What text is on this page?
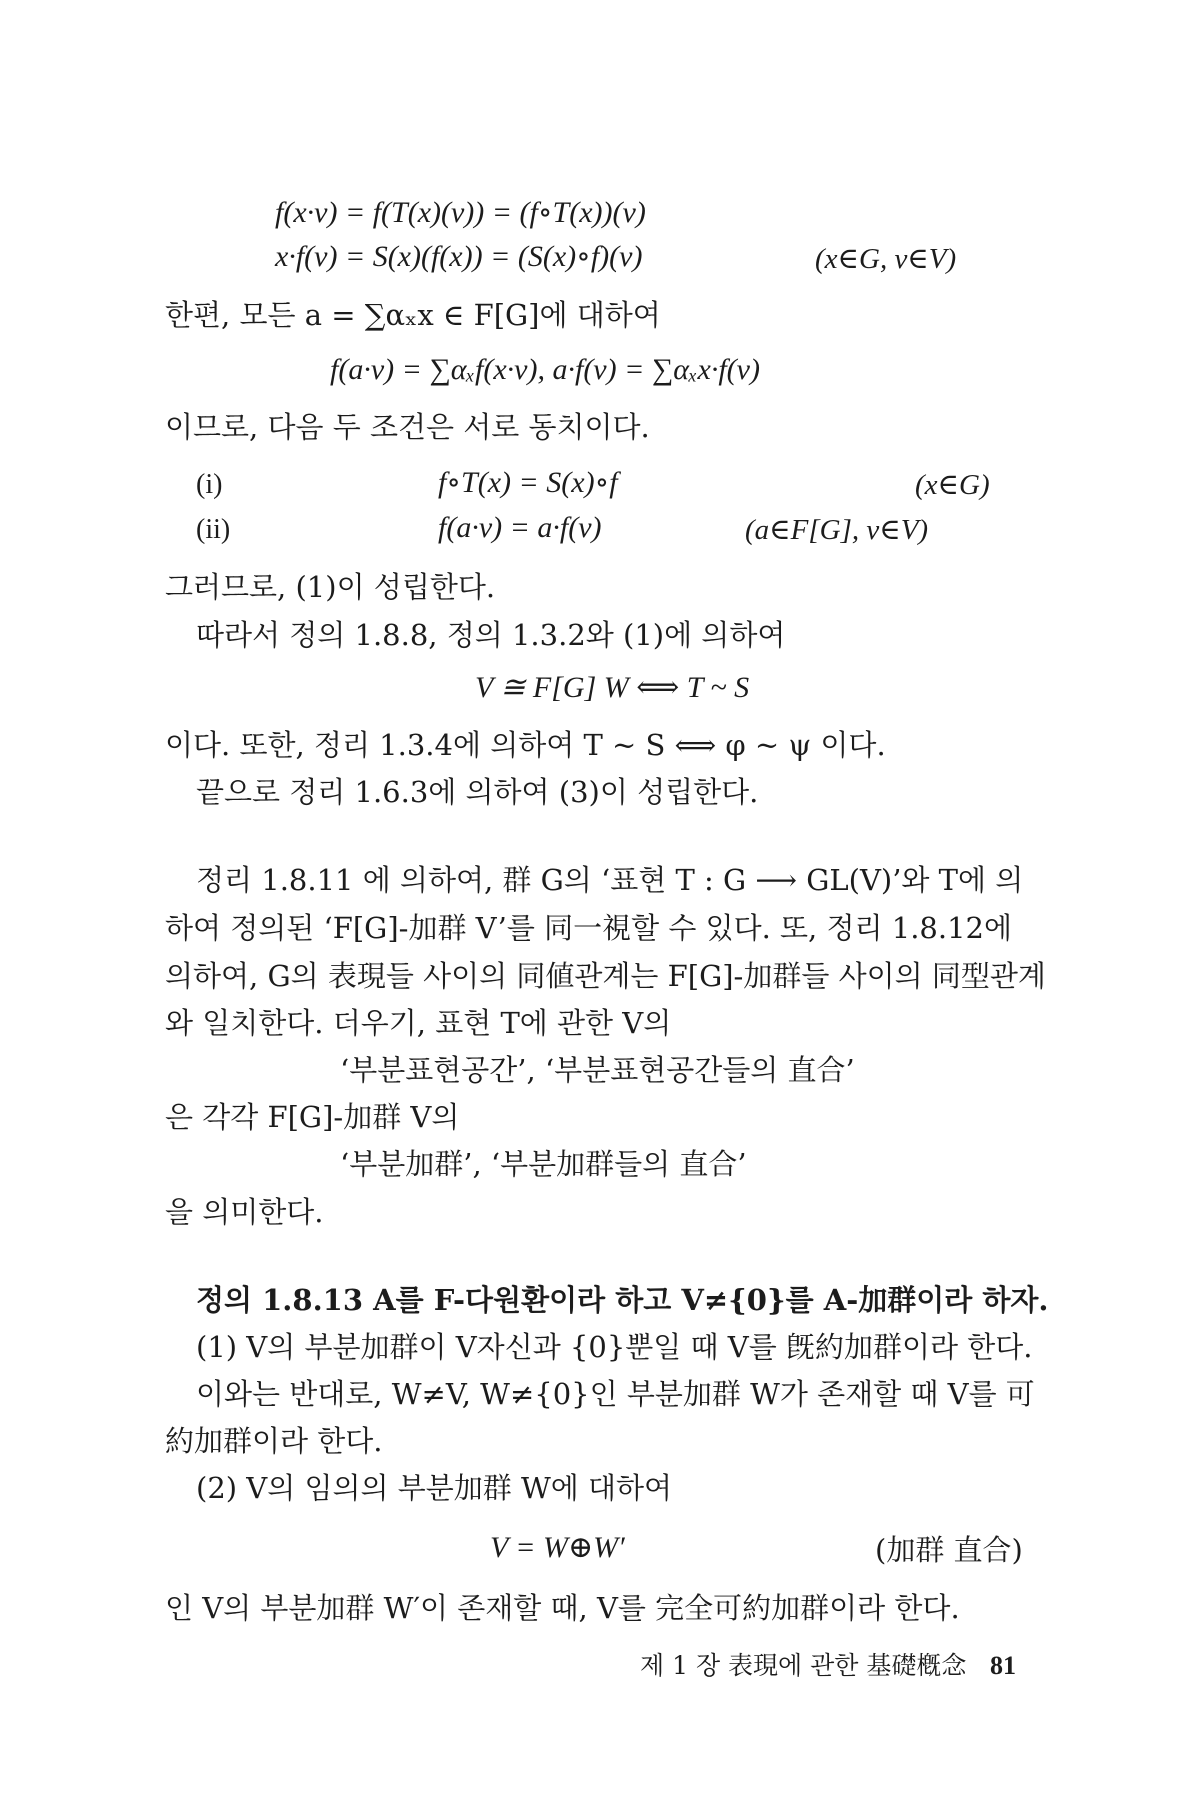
f(x·v) = f(T(x)(v)) = (f∘T(x))(v)
x·f(v) = S(x)(f(x)) = (S(x)∘f)(v)	(x∈G, v∈V)
한편, 모든 a = ∑αₓx ∈ F[G]에 대하여
f(a·v) = ∑αₓf(x·v), a·f(v) = ∑αₓx·f(v)
이므로, 다음 두 조건은 서로 동치이다.
(i)	f∘T(x) = S(x)∘f	(x∈G)
(ii)	f(a·v) = a·f(v)	(a∈F[G], v∈V)
그러므로, (1)이 성립한다.
따라서 정의 1.8.8, 정의 1.3.2와 (1)에 의하여
V ≅ F[G] W ⟺ T ~ S
이다. 또한, 정리 1.3.4에 의하여 T ~ S ⟺ φ ~ ψ 이다.
끝으로 정리 1.6.3에 의하여 (3)이 성립한다.
정리 1.8.11 에 의하여, 群 G의 ‘표현 T : G ⟶ GL(V)’와 T에 의
하여 정의된 ‘F[G]-加群 V’를 同一視할 수 있다. 또, 정리 1.8.12에
의하여, G의 表現들 사이의 同値관계는 F[G]-加群들 사이의 同型관계
와 일치한다. 더우기, 표현 T에 관한 V의
‘부분표현공간’, ‘부분표현공간들의 直合’
은 각각 F[G]-加群 V의
‘부분加群’, ‘부분加群들의 直合’
을 의미한다.
정의 1.8.13 A를 F-다원환이라 하고 V≠{0}를 A-加群이라 하자.
(1) V의 부분加群이 V자신과 {0}뿐일 때 V를 旣約加群이라 한다.
이와는 반대로, W≠V, W≠{0}인 부분加群 W가 존재할 때 V를 可
約加群이라 한다.
(2) V의 임의의 부분加群 W에 대하여
V = W⊕W′	(加群 直合)
인 V의 부분加群 W′이 존재할 때, V를 完全可約加群이라 한다.
제 1 장 表現에 관한 基礎槪念 81
